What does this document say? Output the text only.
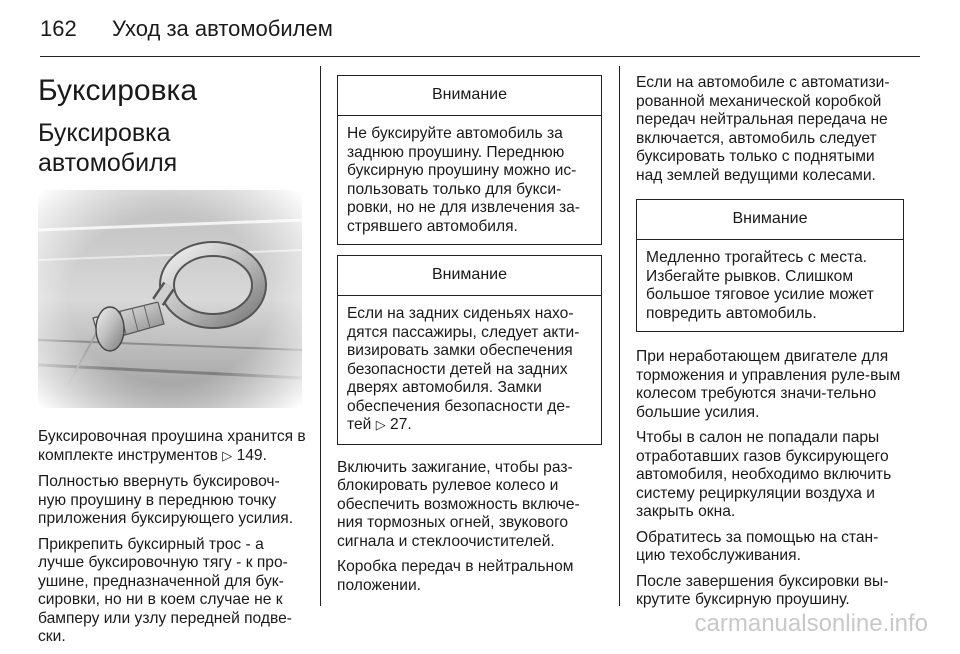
162 Уход за автомобилем
Буксировка
Буксировка автомобиля

Буксировочная проушина хранится в комплекте инструментов ▷ 149.

Полностью ввернуть буксировоч-ную проушину в переднюю точку приложения буксирующего усилия.

Прикрепить буксирный трос - а лучше буксировочную тягу - к про-ушине, предназначенной для бук-сировки, но ни в коем случае не к бамперу или узлу передней подве-ски.

Внимание
Не буксируйте автомобиль за заднюю проушину. Переднюю буксирную проушину можно ис-пользовать только для букси-ровки, но не для извлечения за-стрявшего автомобиля.
Внимание
Если на задних сиденьях нахо-дятся пассажиры, следует акти-визировать замки обеспечения безопасности детей на задних дверях автомобиля. Замки обеспечения безопасности де-тей ▷ 27.

Включить зажигание, чтобы раз-блокировать рулевое колесо и обеспечить возможность включе-ния тормозных огней, звукового сигнала и стеклоочистителей.

Коробка передач в нейтральном положении.

Если на автомобиле с автоматизи-рованной механической коробкой передач нейтральная передача не включается, автомобиль следует буксировать только с поднятыми над землей ведущими колесами.

Внимание
Медленно трогайтесь с места. Избегайте рывков. Слишком большое тяговое усилие может повредить автомобиль.

При неработающем двигателе для торможения и управления руле-вым колесом требуются значи-тельно большие усилия.

Чтобы в салон не попадали пары отработавших газов буксирующего автомобиля, необходимо включить систему рециркуляции воздуха и закрыть окна.

Обратитесь за помощью на стан-цию техобслуживания.

После завершения буксировки вы-крутите буксирную проушину.

carmanualsonline.info
